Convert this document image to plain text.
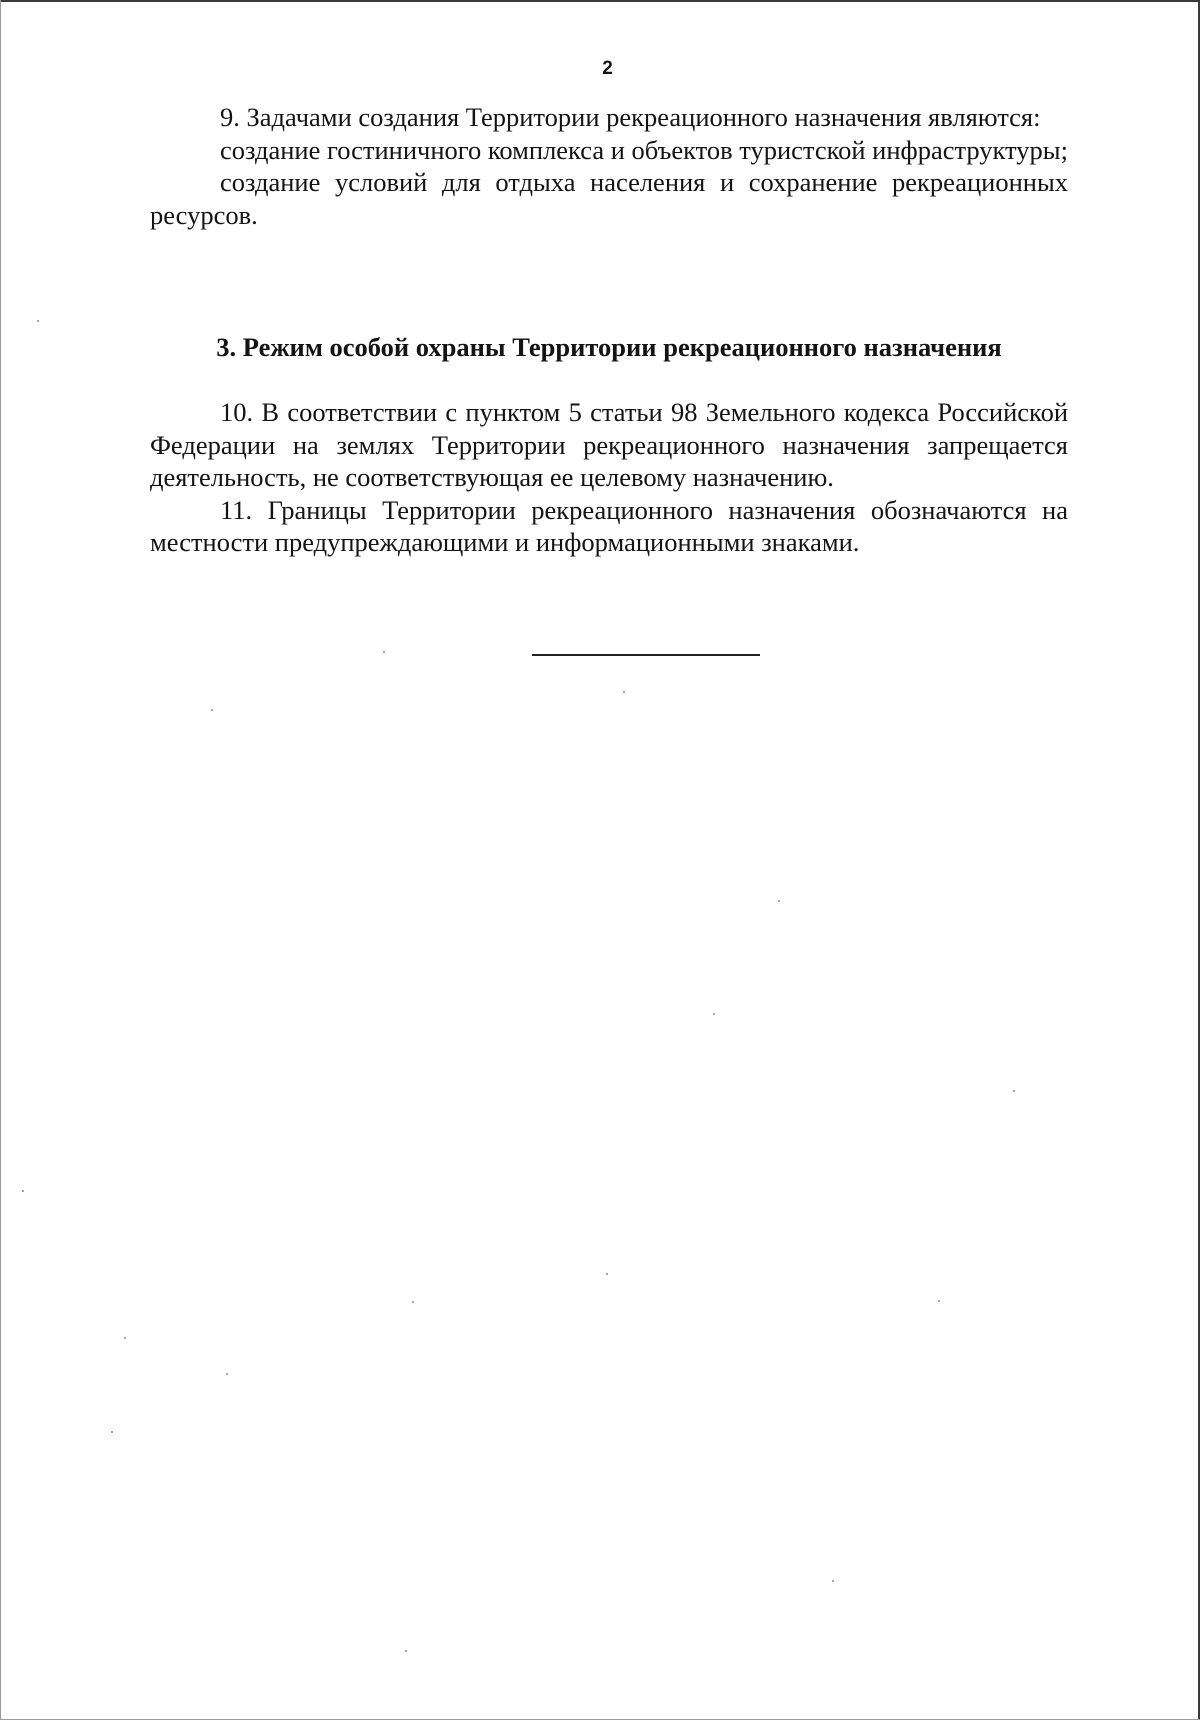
2

9. Задачами создания Территории рекреационного назначения являются:

создание гостиничного комплекса и объектов туристской инфраструктуры;

создание условий для отдыха населения и сохранение рекреационных ресурсов.

3. Режим особой охраны Территории рекреационного назначения

10. В соответствии с пунктом 5 статьи 98 Земельного кодекса Российской Федерации на землях Территории рекреационного назначения запрещается деятельность, не соответствующая ее целевому назначению.

11. Границы Территории рекреационного назначения обозначаются на местности предупреждающими и информационными знаками.
